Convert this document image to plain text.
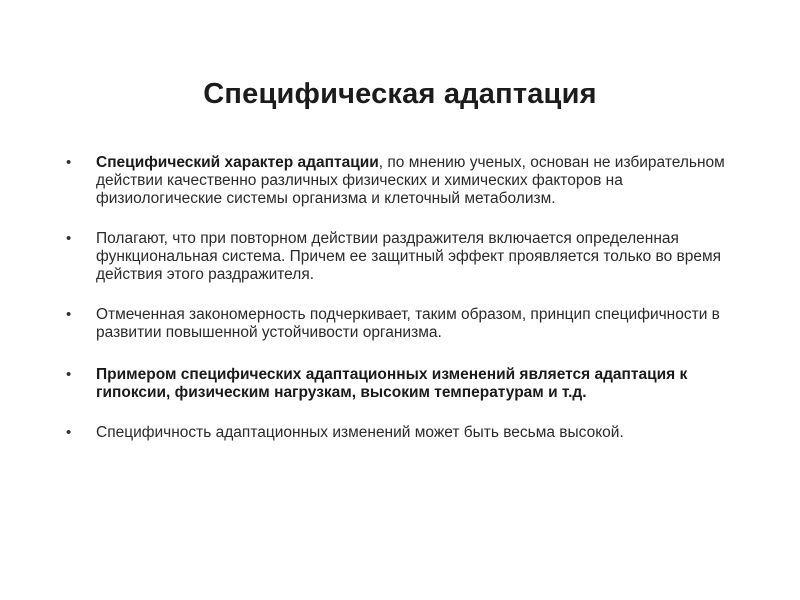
Специфическая адаптация
• Специфический характер адаптации, по мнению ученых, основан не избирательном действии качественно различных физических и химических факторов на физиологические системы организма и клеточный метаболизм.
• Полагают, что при повторном действии раздражителя включается определенная функциональная система. Причем ее защитный эффект проявляется только во время действия этого раздражителя.
• Отмеченная закономерность подчеркивает, таким образом, принцип специфичности в развитии повышенной устойчивости организма.
• Примером специфических адаптационных изменений является адаптация к гипоксии, физическим нагрузкам, высоким температурам и т.д.
• Специфичность адаптационных изменений может быть весьма высокой.
